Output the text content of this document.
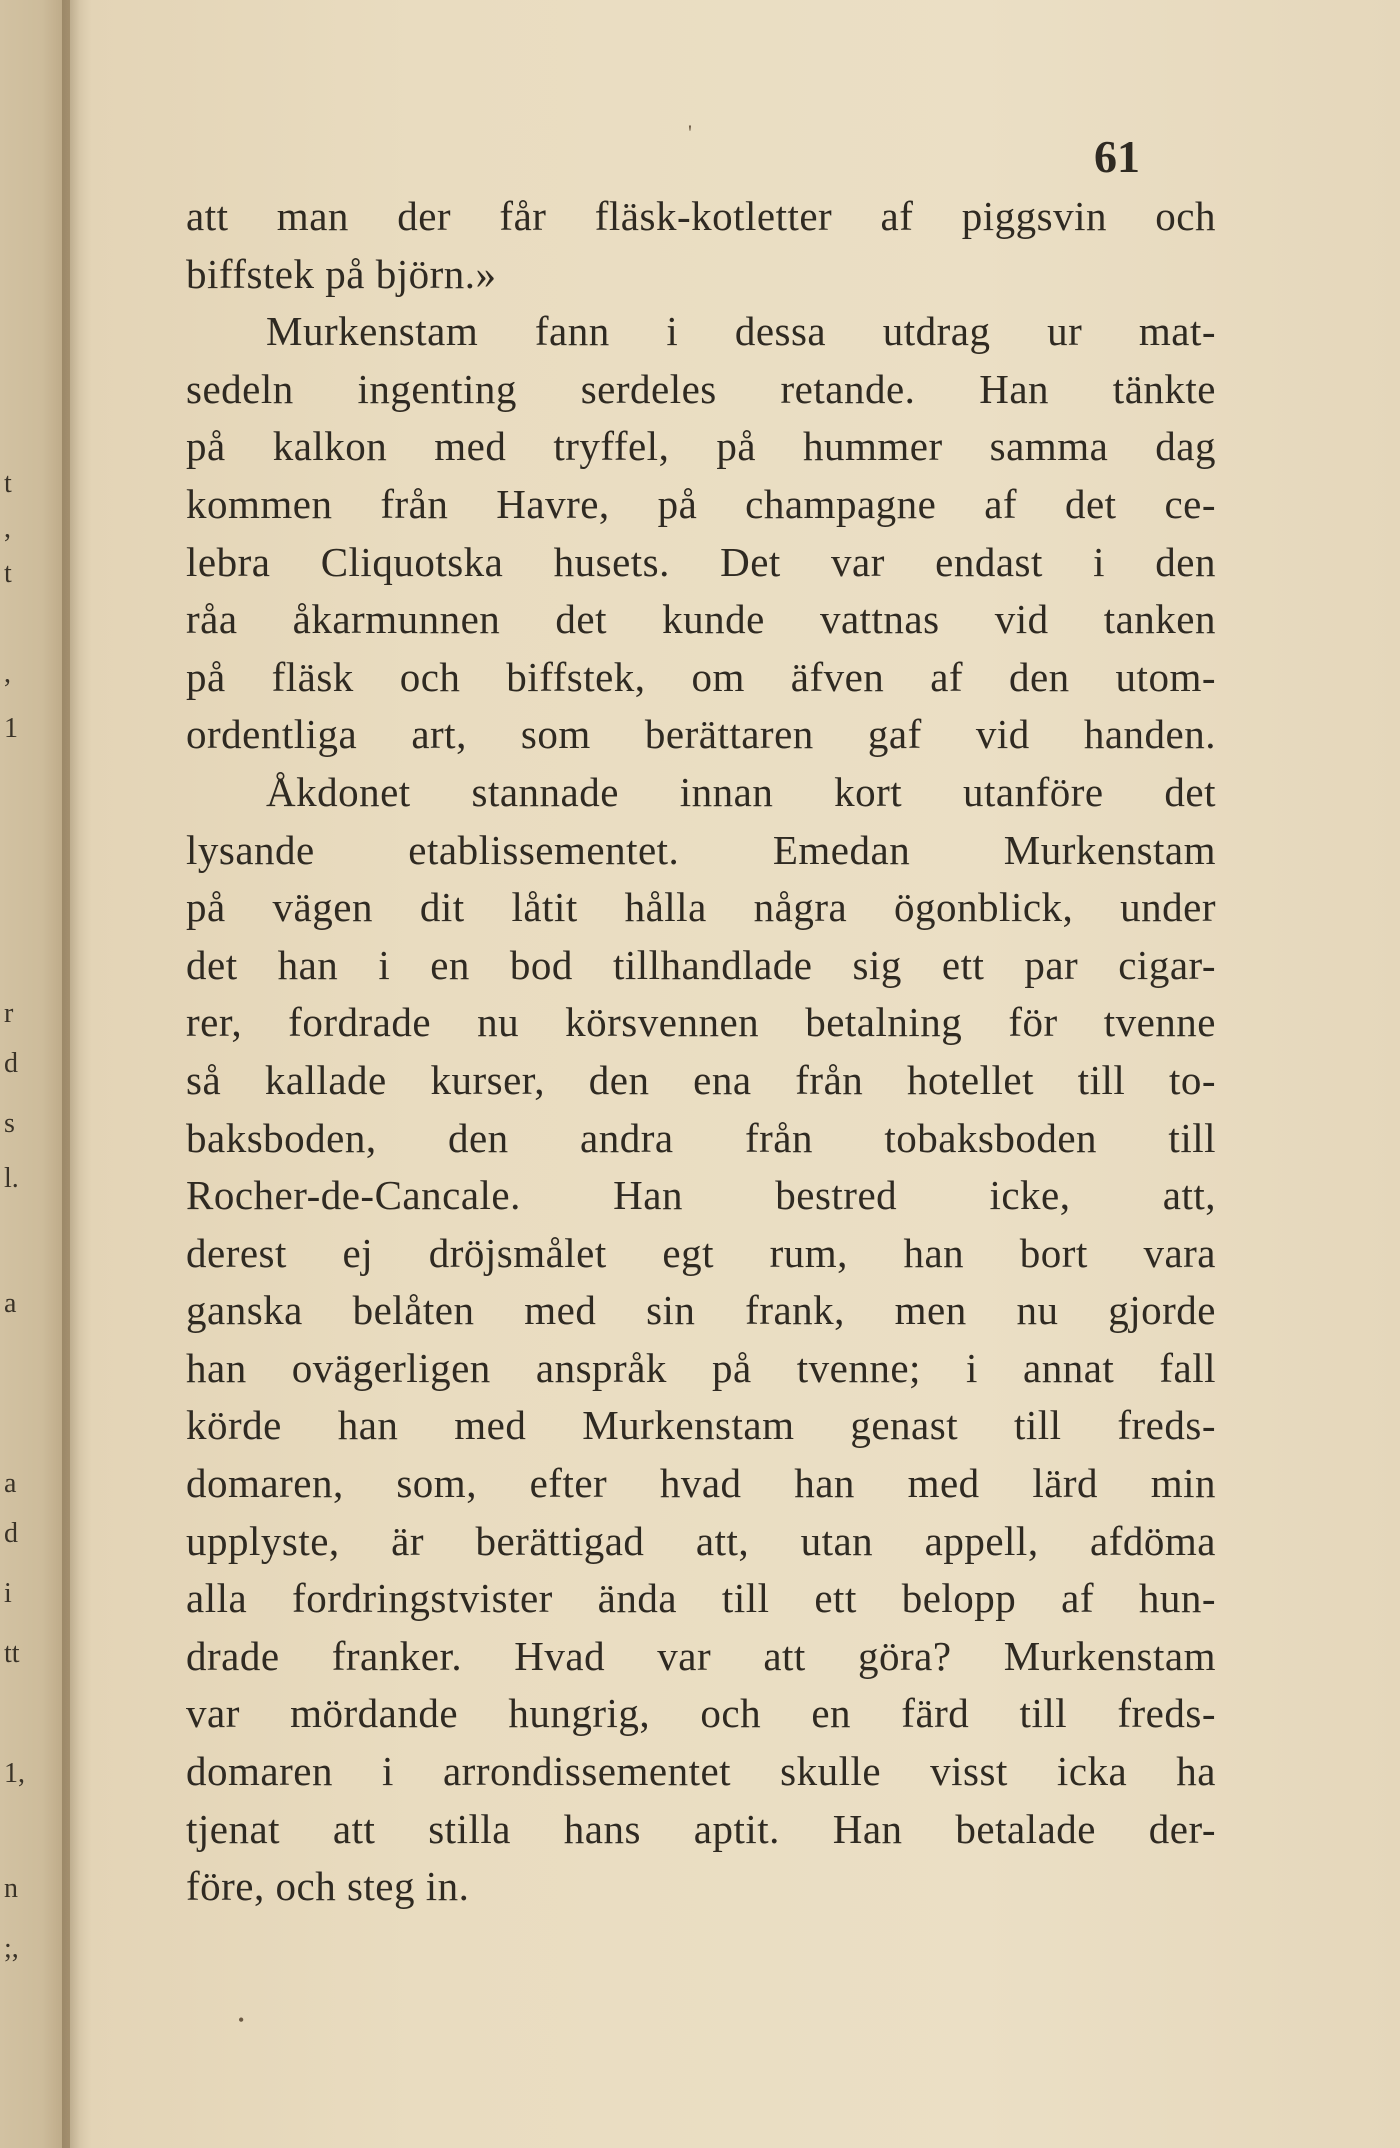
t
,
t
,
1
r
d
s
l.
a
a
d
i
tt
1,
n
;,
'
•
61
att man der får fläsk-kotletter af piggsvin och
biffstek på björn.»
Murkenstam fann i dessa utdrag ur mat-
sedeln ingenting serdeles retande. Han tänkte
på kalkon med tryffel, på hummer samma dag
kommen från Havre, på champagne af det ce-
lebra Cliquotska husets. Det var endast i den
råa åkarmunnen det kunde vattnas vid tanken
på fläsk och biffstek, om äfven af den utom-
ordentliga art, som berättaren gaf vid handen.
Åkdonet stannade innan kort utanföre det
lysande etablissementet. Emedan Murkenstam
på vägen dit låtit hålla några ögonblick, under
det han i en bod tillhandlade sig ett par cigar-
rer, fordrade nu körsvennen betalning för tvenne
så kallade kurser, den ena från hotellet till to-
baksboden, den andra från tobaksboden till
Rocher-de-Cancale. Han bestred icke, att,
derest ej dröjsmålet egt rum, han bort vara
ganska belåten med sin frank, men nu gjorde
han ovägerligen anspråk på tvenne; i annat fall
körde han med Murkenstam genast till freds-
domaren, som, efter hvad han med lärd min
upplyste, är berättigad att, utan appell, afdöma
alla fordringstvister ända till ett belopp af hun-
drade franker. Hvad var att göra? Murkenstam
var mördande hungrig, och en färd till freds-
domaren i arrondissementet skulle visst icka ha
tjenat att stilla hans aptit. Han betalade der-
före, och steg in.
